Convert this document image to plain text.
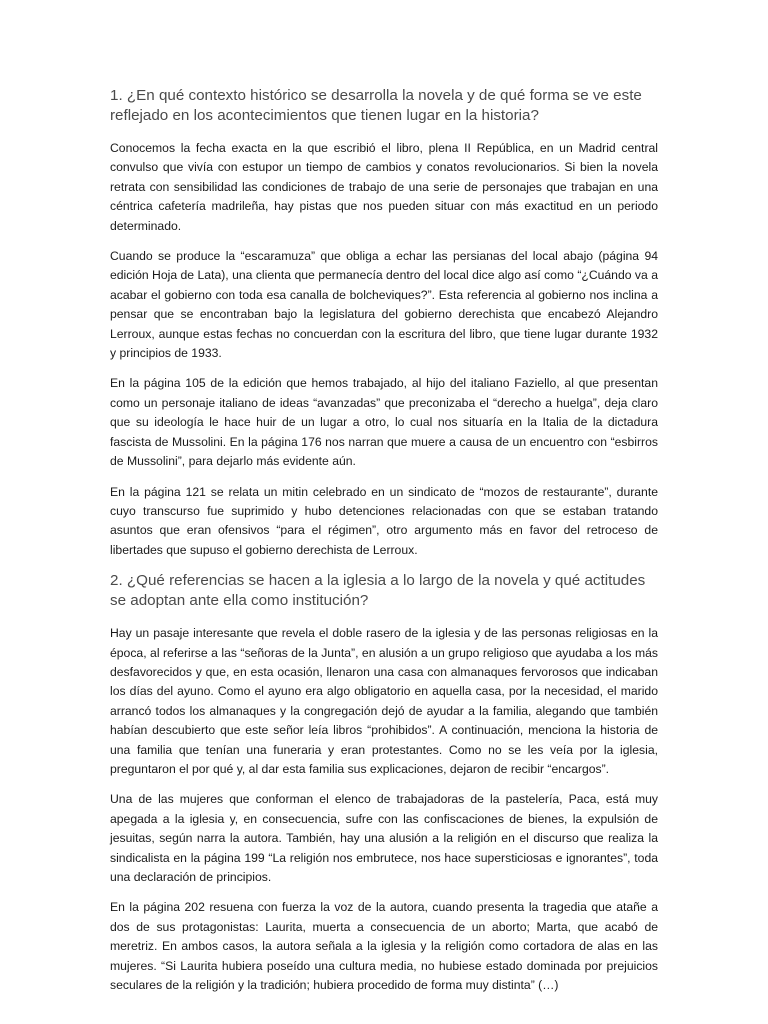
1. ¿En qué contexto histórico se desarrolla la novela y de qué forma se ve este reflejado en los acontecimientos que tienen lugar en la historia?

Conocemos la fecha exacta en la que escribió el libro, plena II República, en un Madrid central convulso que vivía con estupor un tiempo de cambios y conatos revolucionarios. Si bien la novela retrata con sensibilidad las condiciones de trabajo de una serie de personajes que trabajan en una céntrica cafetería madrileña, hay pistas que nos pueden situar con más exactitud en un periodo determinado.

Cuando se produce la “escaramuza” que obliga a echar las persianas del local abajo (página 94 edición Hoja de Lata), una clienta que permanecía dentro del local dice algo así como “¿Cuándo va a acabar el gobierno con toda esa canalla de bolcheviques?”. Esta referencia al gobierno nos inclina a pensar que se encontraban bajo la legislatura del gobierno derechista que encabezó Alejandro Lerroux, aunque estas fechas no concuerdan con la escritura del libro, que tiene lugar durante 1932 y principios de 1933.

En la página 105 de la edición que hemos trabajado, al hijo del italiano Faziello, al que presentan como un personaje italiano de ideas “avanzadas” que preconizaba el “derecho a huelga”, deja claro que su ideología le hace huir de un lugar a otro, lo cual nos situaría en la Italia de la dictadura fascista de Mussolini. En la página 176 nos narran que muere a causa de un encuentro con “esbirros de Mussolini”, para dejarlo más evidente aún.

En la página 121 se relata un mitin celebrado en un sindicato de “mozos de restaurante”, durante cuyo transcurso fue suprimido y hubo detenciones relacionadas con que se estaban tratando asuntos que eran ofensivos “para el régimen”, otro argumento más en favor del retroceso de libertades que supuso el gobierno derechista de Lerroux.

2. ¿Qué referencias se hacen a la iglesia a lo largo de la novela y qué actitudes se adoptan ante ella como institución?

Hay un pasaje interesante que revela el doble rasero de la iglesia y de las personas religiosas en la época, al referirse a las “señoras de la Junta”, en alusión a un grupo religioso que ayudaba a los más desfavorecidos y que, en esta ocasión, llenaron una casa con almanaques fervorosos que indicaban los días del ayuno. Como el ayuno era algo obligatorio en aquella casa, por la necesidad, el marido arrancó todos los almanaques y la congregación dejó de ayudar a la familia, alegando que también habían descubierto que este señor leía libros “prohibidos”. A continuación, menciona la historia de una familia que tenían una funeraria y eran protestantes. Como no se les veía por la iglesia, preguntaron el por qué y, al dar esta familia sus explicaciones, dejaron de recibir “encargos”.

Una de las mujeres que conforman el elenco de trabajadoras de la pastelería, Paca, está muy apegada a la iglesia y, en consecuencia, sufre con las confiscaciones de bienes, la expulsión de jesuitas, según narra la autora. También, hay una alusión a la religión en el discurso que realiza la sindicalista en la página 199 “La religión nos embrutece, nos hace supersticiosas e ignorantes”, toda una declaración de principios.

En la página 202 resuena con fuerza la voz de la autora, cuando presenta la tragedia que atañe a dos de sus protagonistas: Laurita, muerta a consecuencia de un aborto; Marta, que acabó de meretriz. En ambos casos, la autora señala a la iglesia y la religión como cortadora de alas en las mujeres. “Si Laurita hubiera poseído una cultura media, no hubiese estado dominada por prejuicios seculares de la religión y la tradición; hubiera procedido de forma muy distinta” (…)
